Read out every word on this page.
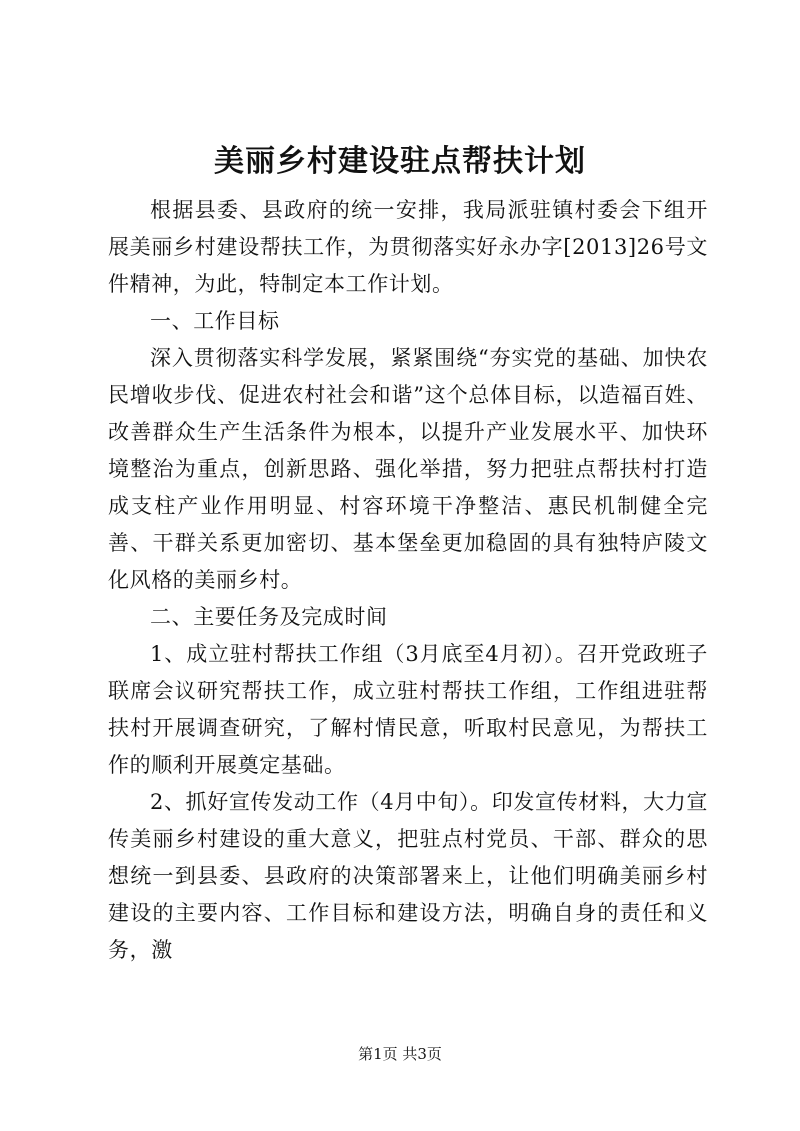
美丽乡村建设驻点帮扶计划

根据县委、县政府的统一安排，我局派驻镇村委会下组开展美丽乡村建设帮扶工作，为贯彻落实好永办字[2013]26号文件精神，为此，特制定本工作计划。

一、工作目标

深入贯彻落实科学发展，紧紧围绕“夯实党的基础、加快农民增收步伐、促进农村社会和谐”这个总体目标，以造福百姓、改善群众生产生活条件为根本，以提升产业发展水平、加快环境整治为重点，创新思路、强化举措，努力把驻点帮扶村打造成支柱产业作用明显、村容环境干净整洁、惠民机制健全完善、干群关系更加密切、基本堡垒更加稳固的具有独特庐陵文化风格的美丽乡村。

二、主要任务及完成时间

1、成立驻村帮扶工作组（3月底至4月初）。召开党政班子联席会议研究帮扶工作，成立驻村帮扶工作组，工作组进驻帮扶村开展调查研究，了解村情民意，听取村民意见，为帮扶工作的顺利开展奠定基础。

2、抓好宣传发动工作（4月中旬）。印发宣传材料，大力宣传美丽乡村建设的重大意义，把驻点村党员、干部、群众的思想统一到县委、县政府的决策部署来上，让他们明确美丽乡村建设的主要内容、工作目标和建设方法，明确自身的责任和义务，激

第1页 共3页
